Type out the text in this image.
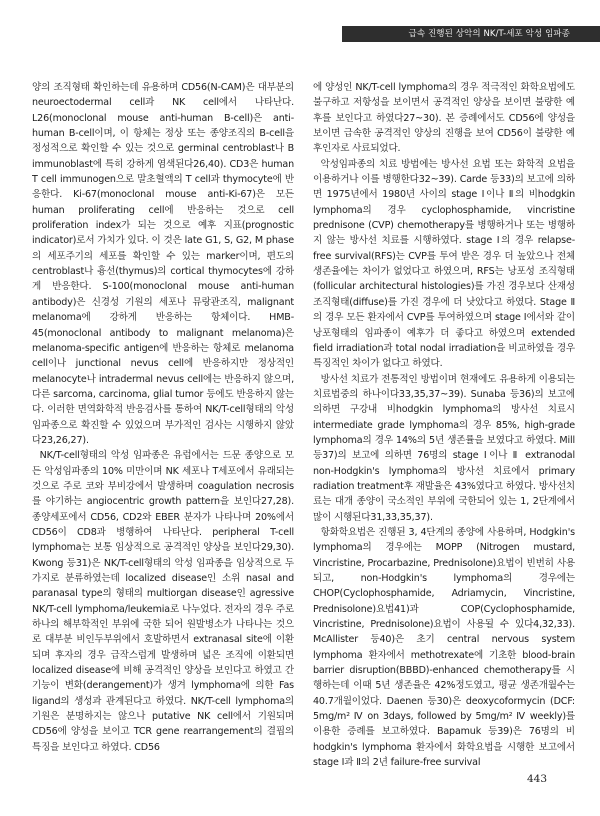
급속 진행된 상악의 NK/T-세포 악성 임파종

양의 조직형태 확인하는데 유용하며 CD56(N-CAM)은 대부분의 neuroectodermal cell과 NK cell에서 나타난다. L26(monoclonal mouse anti-human B-cell)은 anti-human B-cell이며, 이 항체는 정상 또는 종양조직의 B-cell을 정성적으로 확인할 수 있는 것으로 germinal centroblast나 B immunoblast에 특히 강하게 염색된다26,40). CD3은 human T cell immunogen으로 말초혈액의 T cell과 thymocyte에 반응한다. Ki-67(monoclonal mouse anti-Ki-67)은 모든 human proliferating cell에 반응하는 것으로 cell proliferation index가 되는 것으로 예후 지표(prognostic indicator)로서 가치가 있다. 이 것은 late G1, S, G2, M phase의 세포주기의 세포를 확인할 수 있는 marker이며, 편도의 centroblast나 흉선(thymus)의 cortical thymocytes에 강하게 반응한다. S-100(monoclonal mouse anti-human antibody)은 신경성 기원의 세포나 뮤랑관조직, malignant melanoma에 강하게 반응하는 항체이다. HMB-45(monoclonal antibody to malignant melanoma)은 melanoma-specific antigen에 반응하는 항체로 melanoma cell이나 junctional nevus cell에 반응하지만 정상적인 melanocyte나 intradermal nevus cell에는 반응하지 않으며, 다른 sarcoma, carcinoma, glial tumor 등에도 반응하지 않는다. 이러한 면역화학적 반응검사를 통하여 NK/T-cell형태의 악성 임파종으로 확진할 수 있었으며 부가적인 검사는 시행하지 않았다23,26,27).

NK/T-cell형태의 악성 임파종은 유럽에서는 드문 종양으로 모든 악성임파종의 10% 미만이며 NK 세포나 T세포에서 유래되는 것으로 주로 코와 부비강에서 발생하며 coagulation necrosis를 야기하는 angiocentric growth pattern을 보인다27,28). 종양세포에서 CD56, CD2와 EBER 분자가 나타나며 20%에서 CD56이 CD8과 병행하여 나타난다. peripheral T-cell lymphoma는 보통 임상적으로 공격적인 양상을 보인다29,30). Kwong 등31)은 NK/T-cell형태의 악성 임파종을 임상적으로 두가지로 분류하였는데 localized disease인 소위 nasal and paranasal type의 형태의 multiorgan disease인 agressive NK/T-cell lymphoma/leukemia로 나누었다. 전자의 경우 주로 하나의 해부학적인 부위에 국한 되어 원발병소가 나타나는 것으로 대부분 비인두부위에서 호발하면서 extranasal site에 이환되며 후자의 경우 급작스럽게 발생하며 넓은 조직에 이환되면 localized disease에 비해 공격적인 양상을 보인다고 하였고 간기능이 변화(derangement)가 생겨 lymphoma에 의한 Fas ligand의 생성과 관계된다고 하였다. NK/T-cell lymphoma의 기원은 분명하지는 않으나 putative NK cell에서 기원되며 CD56에 양성을 보이고 TCR gene rearrangement의 결핍의 특징을 보인다고 하였다. CD56

에 양성인 NK/T-cell lymphoma의 경우 적극적인 화학요법에도 불구하고 저항성을 보이면서 공격적인 양상을 보이면 불량한 예후를 보인다고 하였다27~30). 본 증례에서도 CD56에 양성을 보이면 급속한 공격적인 양상의 진행을 보여 CD56이 불량한 예후인자로 사료되었다.

악성임파종의 치료 방법에는 방사선 요법 또는 화학적 요법을 이용하거나 이를 병행한다32~39). Carde 등33)의 보고에 의하면 1975년에서 1980년 사이의 stage Ⅰ이나 Ⅱ의 비hodgkin lymphoma의 경우 cyclophosphamide, vincristine prednisone (CVP) chemotherapy를 병행하거나 또는 병행하지 않는 방사선 치료를 시행하였다. stage Ⅰ의 경우 relapse-free survival(RFS)는 CVP를 투여 받은 경우 더 높았으나 전체 생존율에는 차이가 없었다고 하였으며, RFS는 낭포성 조직형태(follicular architectural histologies)를 가진 경우보다 산재성 조직형태(diffuse)를 가진 경우에 더 낫았다고 하였다. Stage Ⅱ의 경우 모든 환자에서 CVP를 투여하였으며 stage Ⅰ에서와 같이 낭포형태의 임파종이 예후가 더 좋다고 하였으며 extended field irradiation과 total nodal irradiation을 비교하였을 경우 특징적인 차이가 없다고 하였다.

방사선 치료가 전통적인 방법이며 현재에도 유용하게 이용되는 치료법중의 하나이다33,35,37~39). Sunaba 등36)의 보고에 의하면 구강내 비hodgkin lymphoma의 방사선 치료시 intermediate grade lymphoma의 경우 85%, high-grade lymphoma의 경우 14%의 5년 생존률을 보였다고 하였다. Mill 등37)의 보고에 의하면 76명의 stage Ⅰ이나 Ⅱ extranodal non-Hodgkin's lymphoma의 방사선 치료에서 primary radiation treatment후 재발율은 43%였다고 하였다. 방사선치료는 대개 종양이 국소적인 부위에 국한되어 있는 1, 2단계에서 많이 시행된다31,33,35,37).

항화학요법은 진행된 3, 4단계의 종양에 사용하며, Hodgkin's lymphoma의 경우에는 MOPP (Nitrogen mustard, Vincristine, Procarbazine, Prednisolone)요법이 빈번히 사용되고, non-Hodgkin's lymphoma의 경우에는 CHOP(Cyclophosphamide, Adriamycin, Vincristine, Prednisolone)요법41)과 COP(Cyclophosphamide, Vincristine, Prednisolone)요법이 사용될 수 있다4,32,33). McAllister 등40)은 초기 central nervous system lymphoma 환자에서 methotrexate에 기초한 blood-brain barrier disruption(BBBD)-enhanced chemotherapy를 시행하는데 이때 5년 생존율은 42%정도였고, 평균 생존개월수는 40.7개월이었다. Daenen 등30)은 deoxycoformycin (DCF: 5mg/m² Ⅳ on 3days, followed by 5mg/m² Ⅳ weekly)를 이용한 증례를 보고하였다. Bapamuk 등39)은 76명의 비hodgkin's lymphoma 환자에서 화학요법을 시행한 보고에서 stage Ⅰ과 Ⅱ의 2년 failure-free survival

443
